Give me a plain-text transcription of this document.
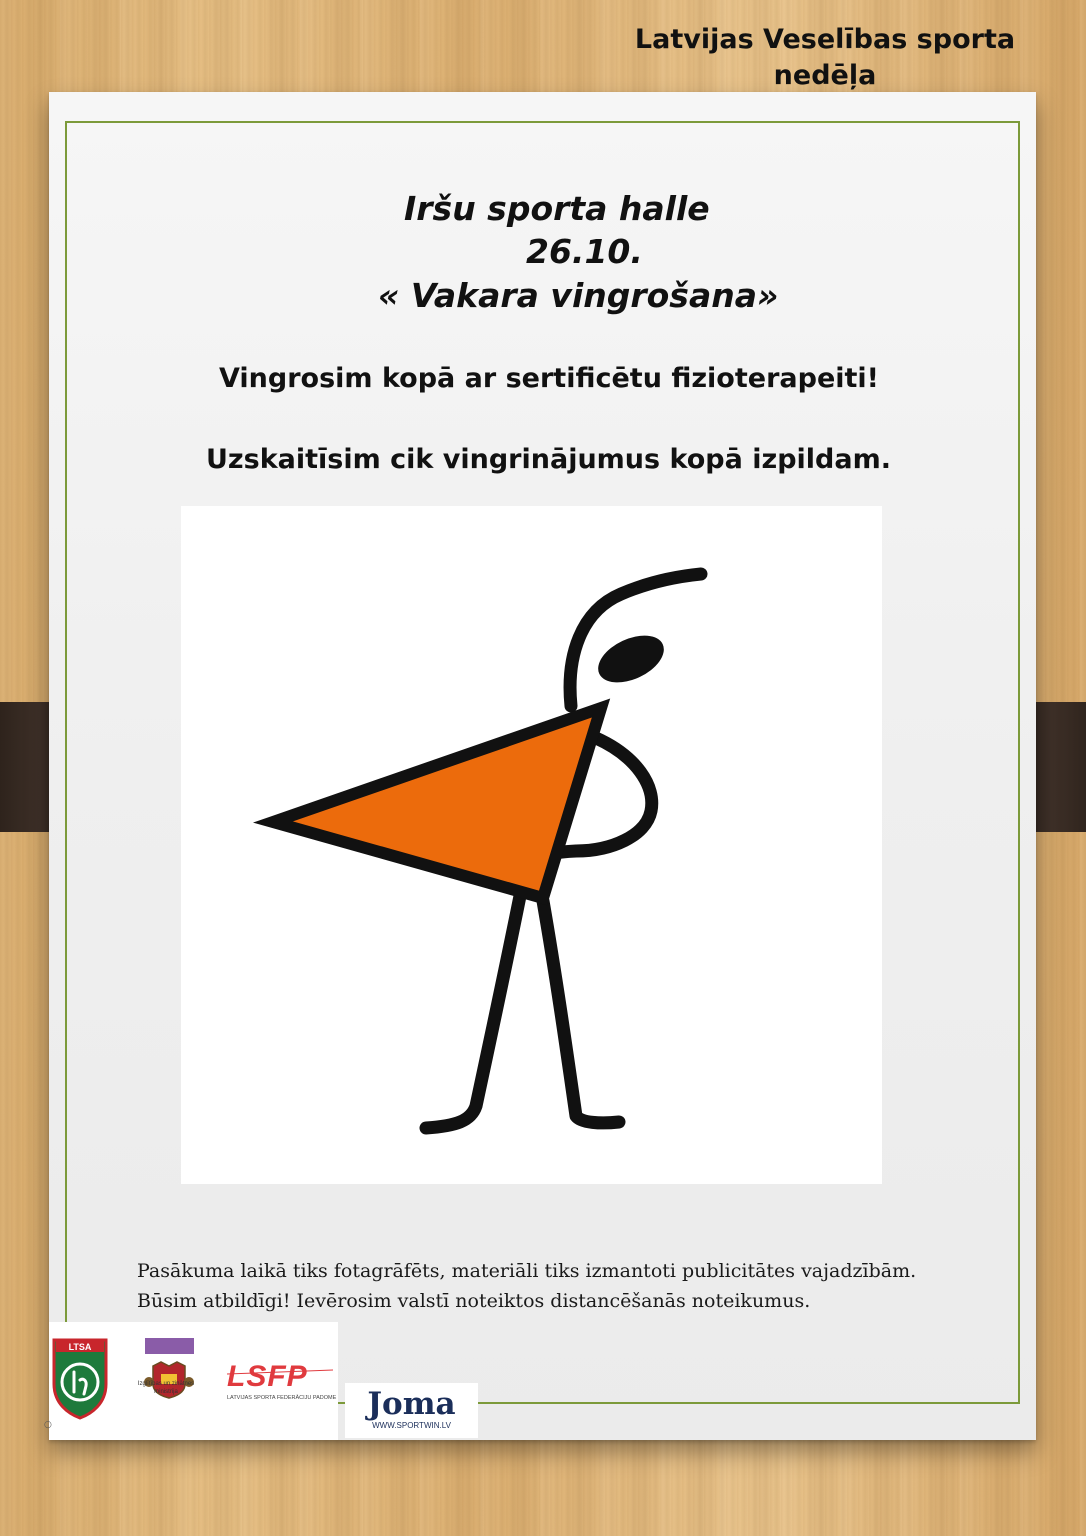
Latvijas Veselības sporta nedēļa
Iršu sporta halle
26.10.
« Vakara vingrošana»

Vingrosim kopā ar sertificētu fizioterapeiti!

Uzskaitīsim cik vingrinājumus kopā izpildam.

Pasākuma laikā tiks fotagrāfēts, materiāli tiks izmantoti publicitātes vajadzībām.
Būsim atbildīgi! Ievērosim valstī noteiktos distancēšanās noteikumus.
LTSA
Izglītības un zinātnes ministrija	LSFP
LATVIJAS SPORTA FEDERĀCIJU PADOME	Joma
WWW.SPORTWIN.LV
○
